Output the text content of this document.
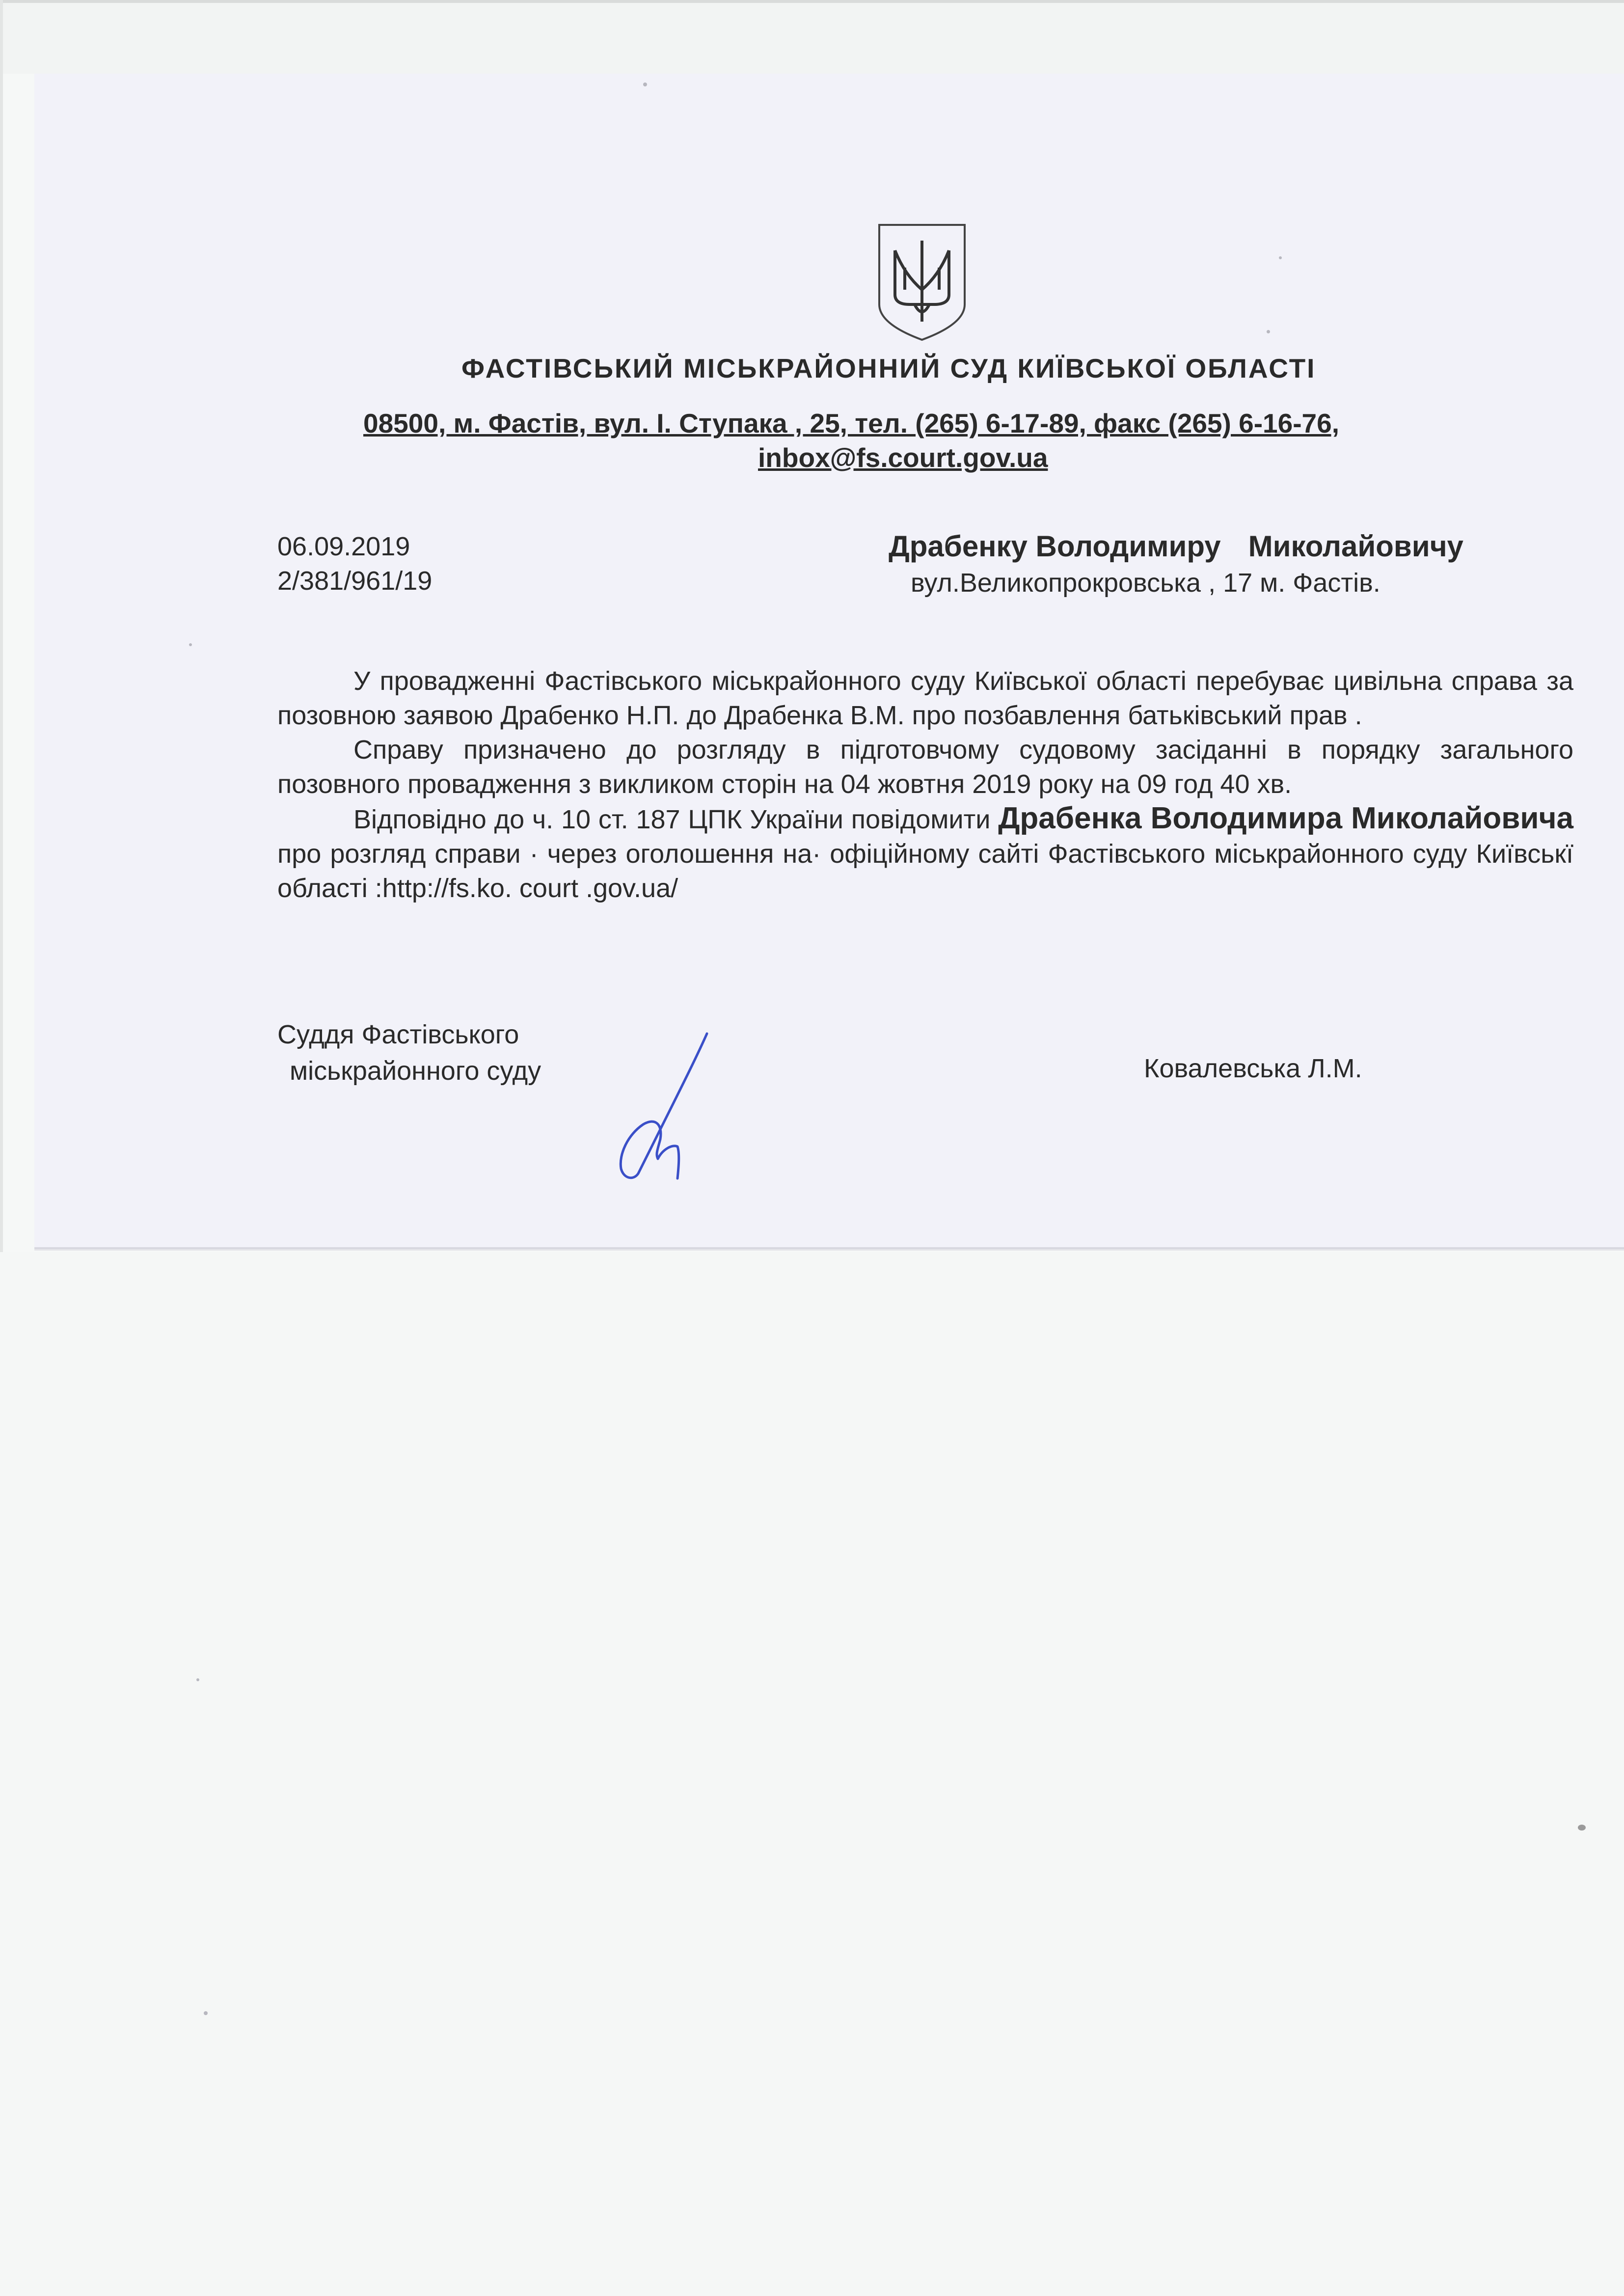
ФАСТІВСЬКИЙ МІСЬКРАЙОННИЙ СУД КИЇВСЬКОЇ ОБЛАСТІ
08500, м. Фастів, вул. І. Ступака , 25, тел. (265) 6-17-89, факс (265) 6-16-76,
inbox@fs.court.gov.ua
06.09.2019
2/381/961/19
Драбенку Володимиру Миколайовичу
вул.Великопрокровська , 17 м. Фастів.

У провадженні Фастівського міськрайонного суду Київської області перебуває цивільна справа за позовною заявою Драбенко Н.П. до Драбенка В.М. про позбавлення батьківський прав .

Справу призначено до розгляду в підготовчому судовому засіданні в порядку загального позовного провадження з викликом сторін на 04 жовтня 2019 року на 09 год 40 хв.

Відповідно до ч. 10 ст. 187 ЦПК України повідомити Драбенка Володимира Миколайовича про розгляд справи · через оголошення на· офіційному сайті Фастівського міськрайонного суду Київськї області :http://fs.ko. court .gov.ua/

Суддя Фастівського
міськрайонного суду	Ковалевська Л.М.
